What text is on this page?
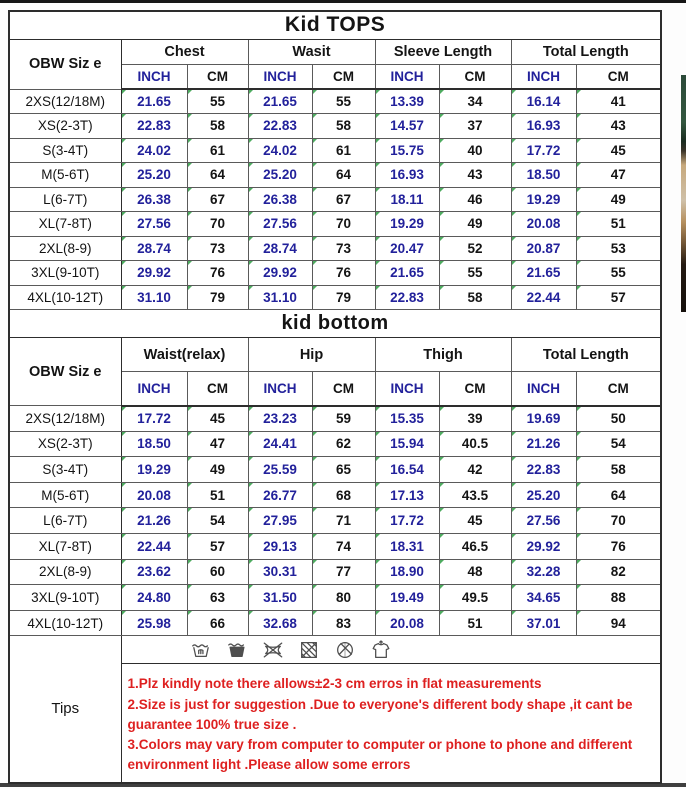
Kid TOPS								
OBW Siz e	Chest		Wasit		Sleeve Length		Total Length	
	INCH	CM	INCH	CM	INCH	CM	INCH	CM
2XS(12/18M)	21.65	55	21.65	55	13.39	34	16.14	41
XS(2-3T)	22.83	58	22.83	58	14.57	37	16.93	43
S(3-4T)	24.02	61	24.02	61	15.75	40	17.72	45
M(5-6T)	25.20	64	25.20	64	16.93	43	18.50	47
L(6-7T)	26.38	67	26.38	67	18.11	46	19.29	49
XL(7-8T)	27.56	70	27.56	70	19.29	49	20.08	51
2XL(8-9)	28.74	73	28.74	73	20.47	52	20.87	53
3XL(9-10T)	29.92	76	29.92	76	21.65	55	21.65	55
4XL(10-12T)	31.10	79	31.10	79	22.83	58	22.44	57
kid bottom								
OBW Siz e	Waist(relax)		Hip		Thigh		Total Length	
	INCH	CM	INCH	CM	INCH	CM	INCH	CM
2XS(12/18M)	17.72	45	23.23	59	15.35	39	19.69	50
XS(2-3T)	18.50	47	24.41	62	15.94	40.5	21.26	54
S(3-4T)	19.29	49	25.59	65	16.54	42	22.83	58
M(5-6T)	20.08	51	26.77	68	17.13	43.5	25.20	64
L(6-7T)	21.26	54	27.95	71	17.72	45	27.56	70
XL(7-8T)	22.44	57	29.13	74	18.31	46.5	29.92	76
2XL(8-9)	23.62	60	30.31	77	18.90	48	32.28	82
3XL(9-10T)	24.80	63	31.50	80	19.49	49.5	34.65	88
4XL(10-12T)	25.98	66	32.68	83	20.08	51	37.01	94
Tips	

	1.Plz kindly note there allows±2-3 cm erros in flat measurements
2.Size is just for suggestion .Due to everyone's different body shape ,it cant be guarantee 100% true size .
3.Colors may vary from computer to computer or phone to phone and different environment light .Please allow some errors							
